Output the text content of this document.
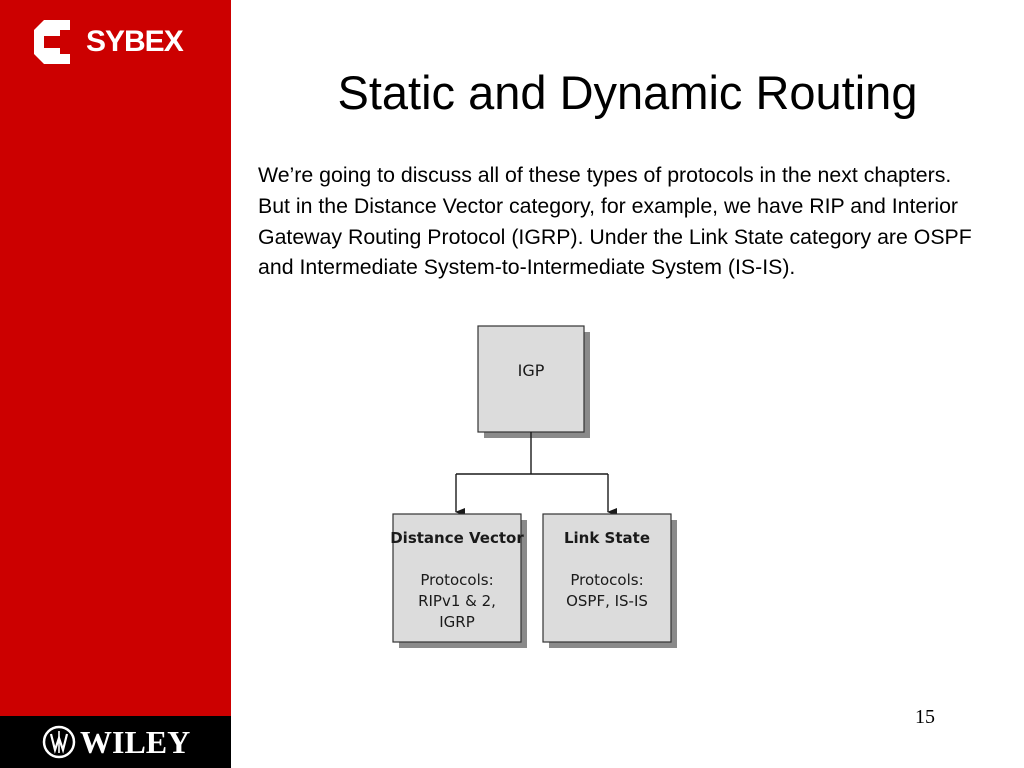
SYBEX
WILEY
Static and Dynamic Routing
We’re going to discuss all of these types of protocols in the next chapters. But in the Distance Vector category, for example, we have RIP and Interior Gateway Routing Protocol (IGRP). Under the Link State category are OSPF and Intermediate System-to-Intermediate System (IS-IS).
IGP
Distance Vector
Protocols:
RIPv1 & 2,
IGRP
Link State
Protocols:
OSPF, IS-IS
15
